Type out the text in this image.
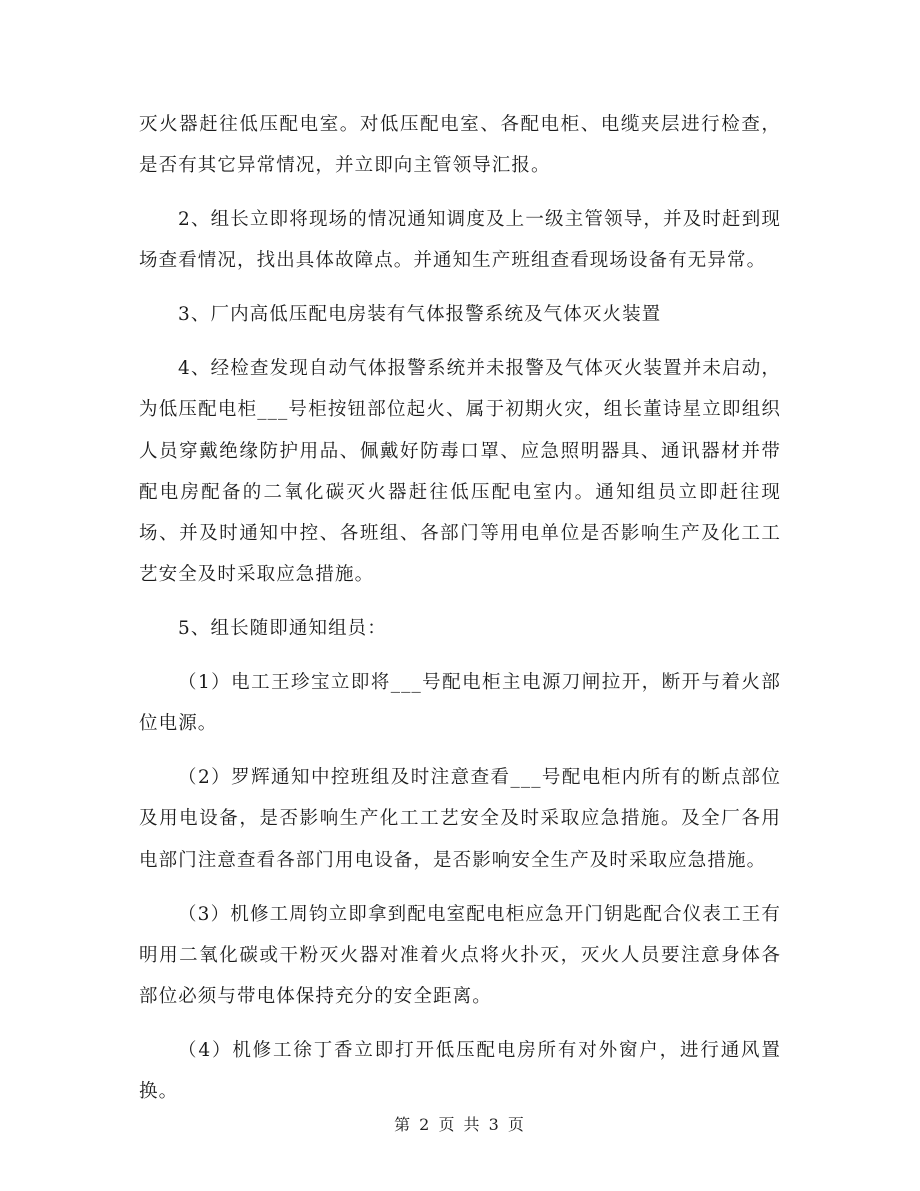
灭火器赶往低压配电室。对低压配电室、各配电柜、电缆夹层进行检查，是否有其它异常情况，并立即向主管领导汇报。

2、组长立即将现场的情况通知调度及上一级主管领导，并及时赶到现场查看情况，找出具体故障点。并通知生产班组查看现场设备有无异常。

3、厂内高低压配电房装有气体报警系统及气体灭火装置

4、经检查发现自动气体报警系统并未报警及气体灭火装置并未启动，为低压配电柜___号柜按钮部位起火、属于初期火灾，组长董诗星立即组织人员穿戴绝缘防护用品、佩戴好防毒口罩、应急照明器具、通讯器材并带配电房配备的二氧化碳灭火器赶往低压配电室内。通知组员立即赶往现场、并及时通知中控、各班组、各部门等用电单位是否影响生产及化工工艺安全及时采取应急措施。

5、组长随即通知组员：

（1）电工王珍宝立即将___号配电柜主电源刀闸拉开，断开与着火部位电源。

（2）罗辉通知中控班组及时注意查看___号配电柜内所有的断点部位及用电设备，是否影响生产化工工艺安全及时采取应急措施。及全厂各用电部门注意查看各部门用电设备，是否影响安全生产及时采取应急措施。

（3）机修工周钧立即拿到配电室配电柜应急开门钥匙配合仪表工王有明用二氧化碳或干粉灭火器对准着火点将火扑灭，灭火人员要注意身体各部位必须与带电体保持充分的安全距离。

（4）机修工徐丁香立即打开低压配电房所有对外窗户，进行通风置换。

第 2 页 共 3 页
